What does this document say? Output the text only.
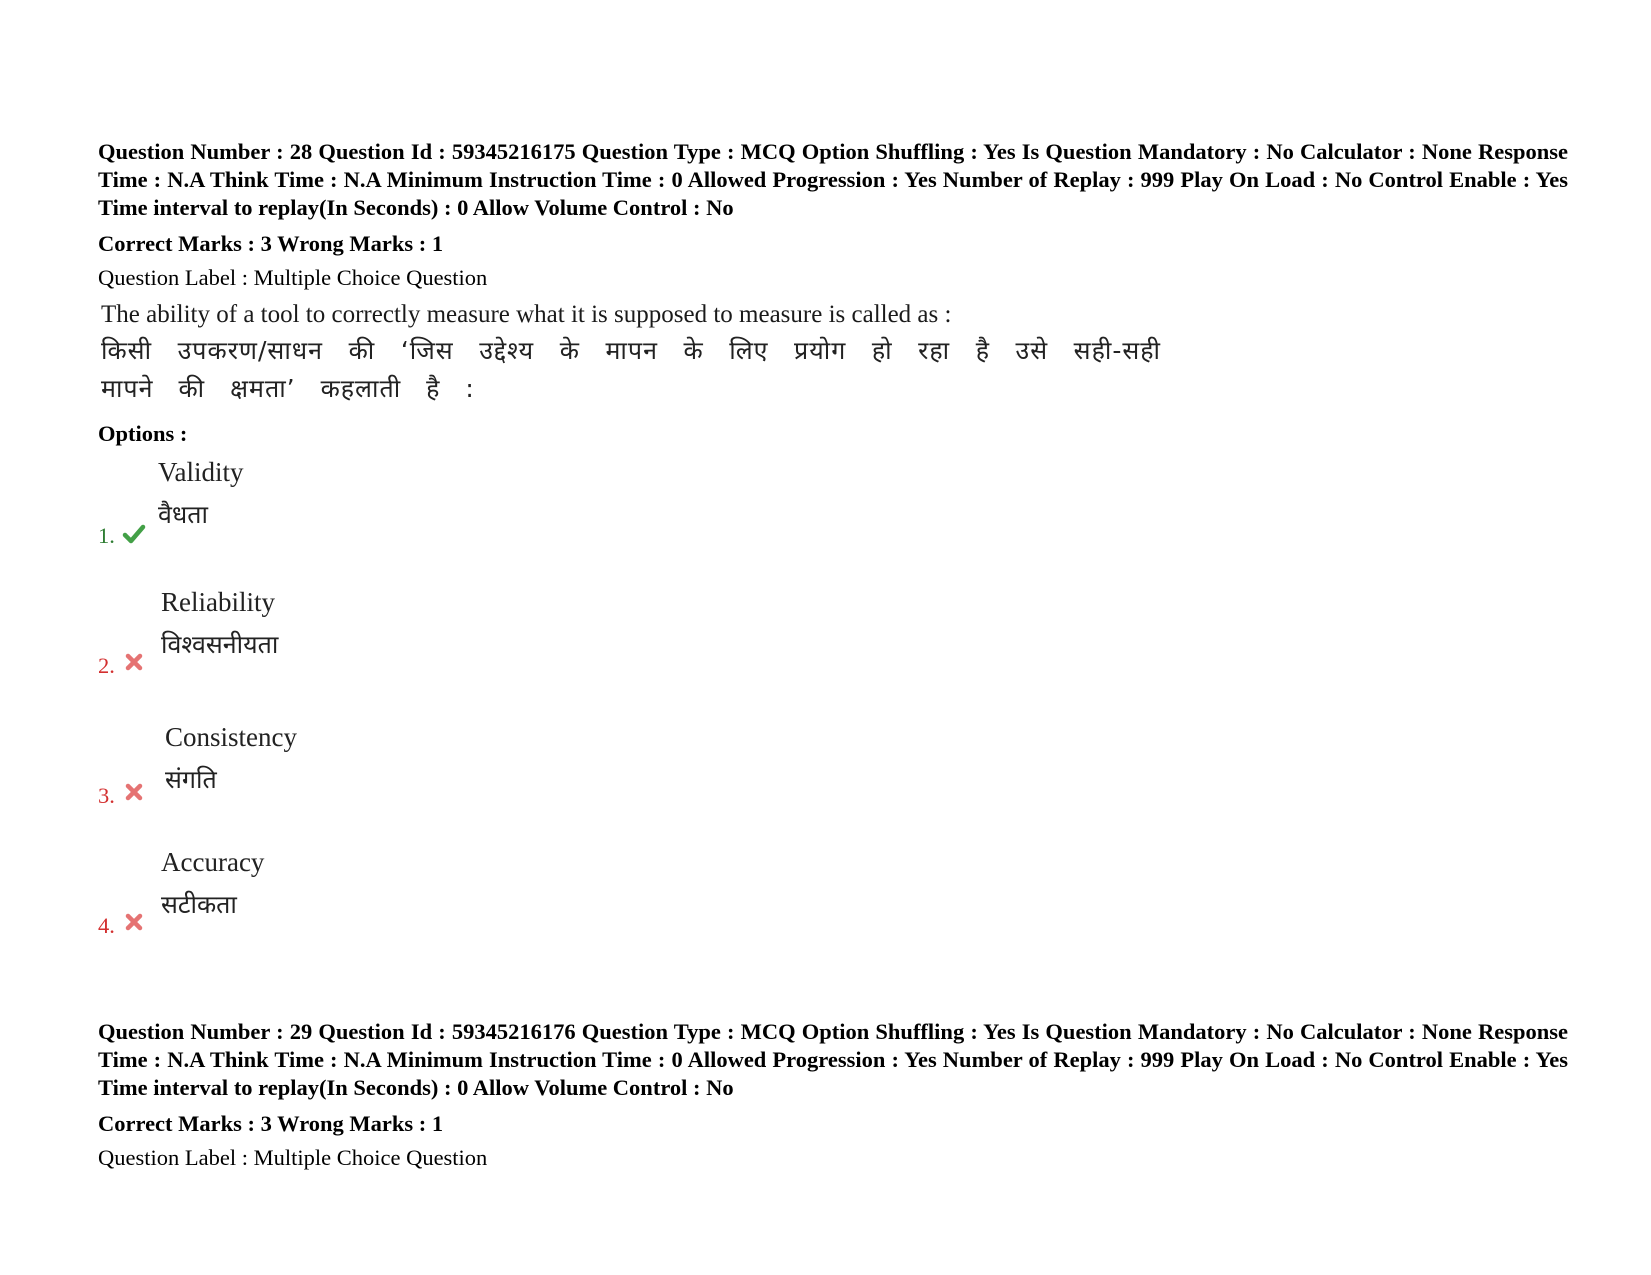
Question Number : 28 Question Id : 59345216175 Question Type : MCQ Option Shuffling : Yes Is Question Mandatory : No Calculator : None Response Time : N.A Think Time : N.A Minimum Instruction Time : 0 Allowed Progression : Yes Number of Replay : 999 Play On Load : No Control Enable : Yes Time interval to replay(In Seconds) : 0 Allow Volume Control : No
Correct Marks : 3 Wrong Marks : 1
Question Label : Multiple Choice Question
The ability of a tool to correctly measure what it is supposed to measure is called as :
किसी उपकरण/साधन की ‘जिस उद्देश्य के मापन के लिए प्रयोग हो रहा है उसे सही-सही मापने की क्षमता’ कहलाती है :
Options :
Validity
वैधता
1.
Reliability
विश्वसनीयता
2.
Consistency
संगति
3.
Accuracy
सटीकता
4.
Question Number : 29 Question Id : 59345216176 Question Type : MCQ Option Shuffling : Yes Is Question Mandatory : No Calculator : None Response Time : N.A Think Time : N.A Minimum Instruction Time : 0 Allowed Progression : Yes Number of Replay : 999 Play On Load : No Control Enable : Yes Time interval to replay(In Seconds) : 0 Allow Volume Control : No
Correct Marks : 3 Wrong Marks : 1
Question Label : Multiple Choice Question
